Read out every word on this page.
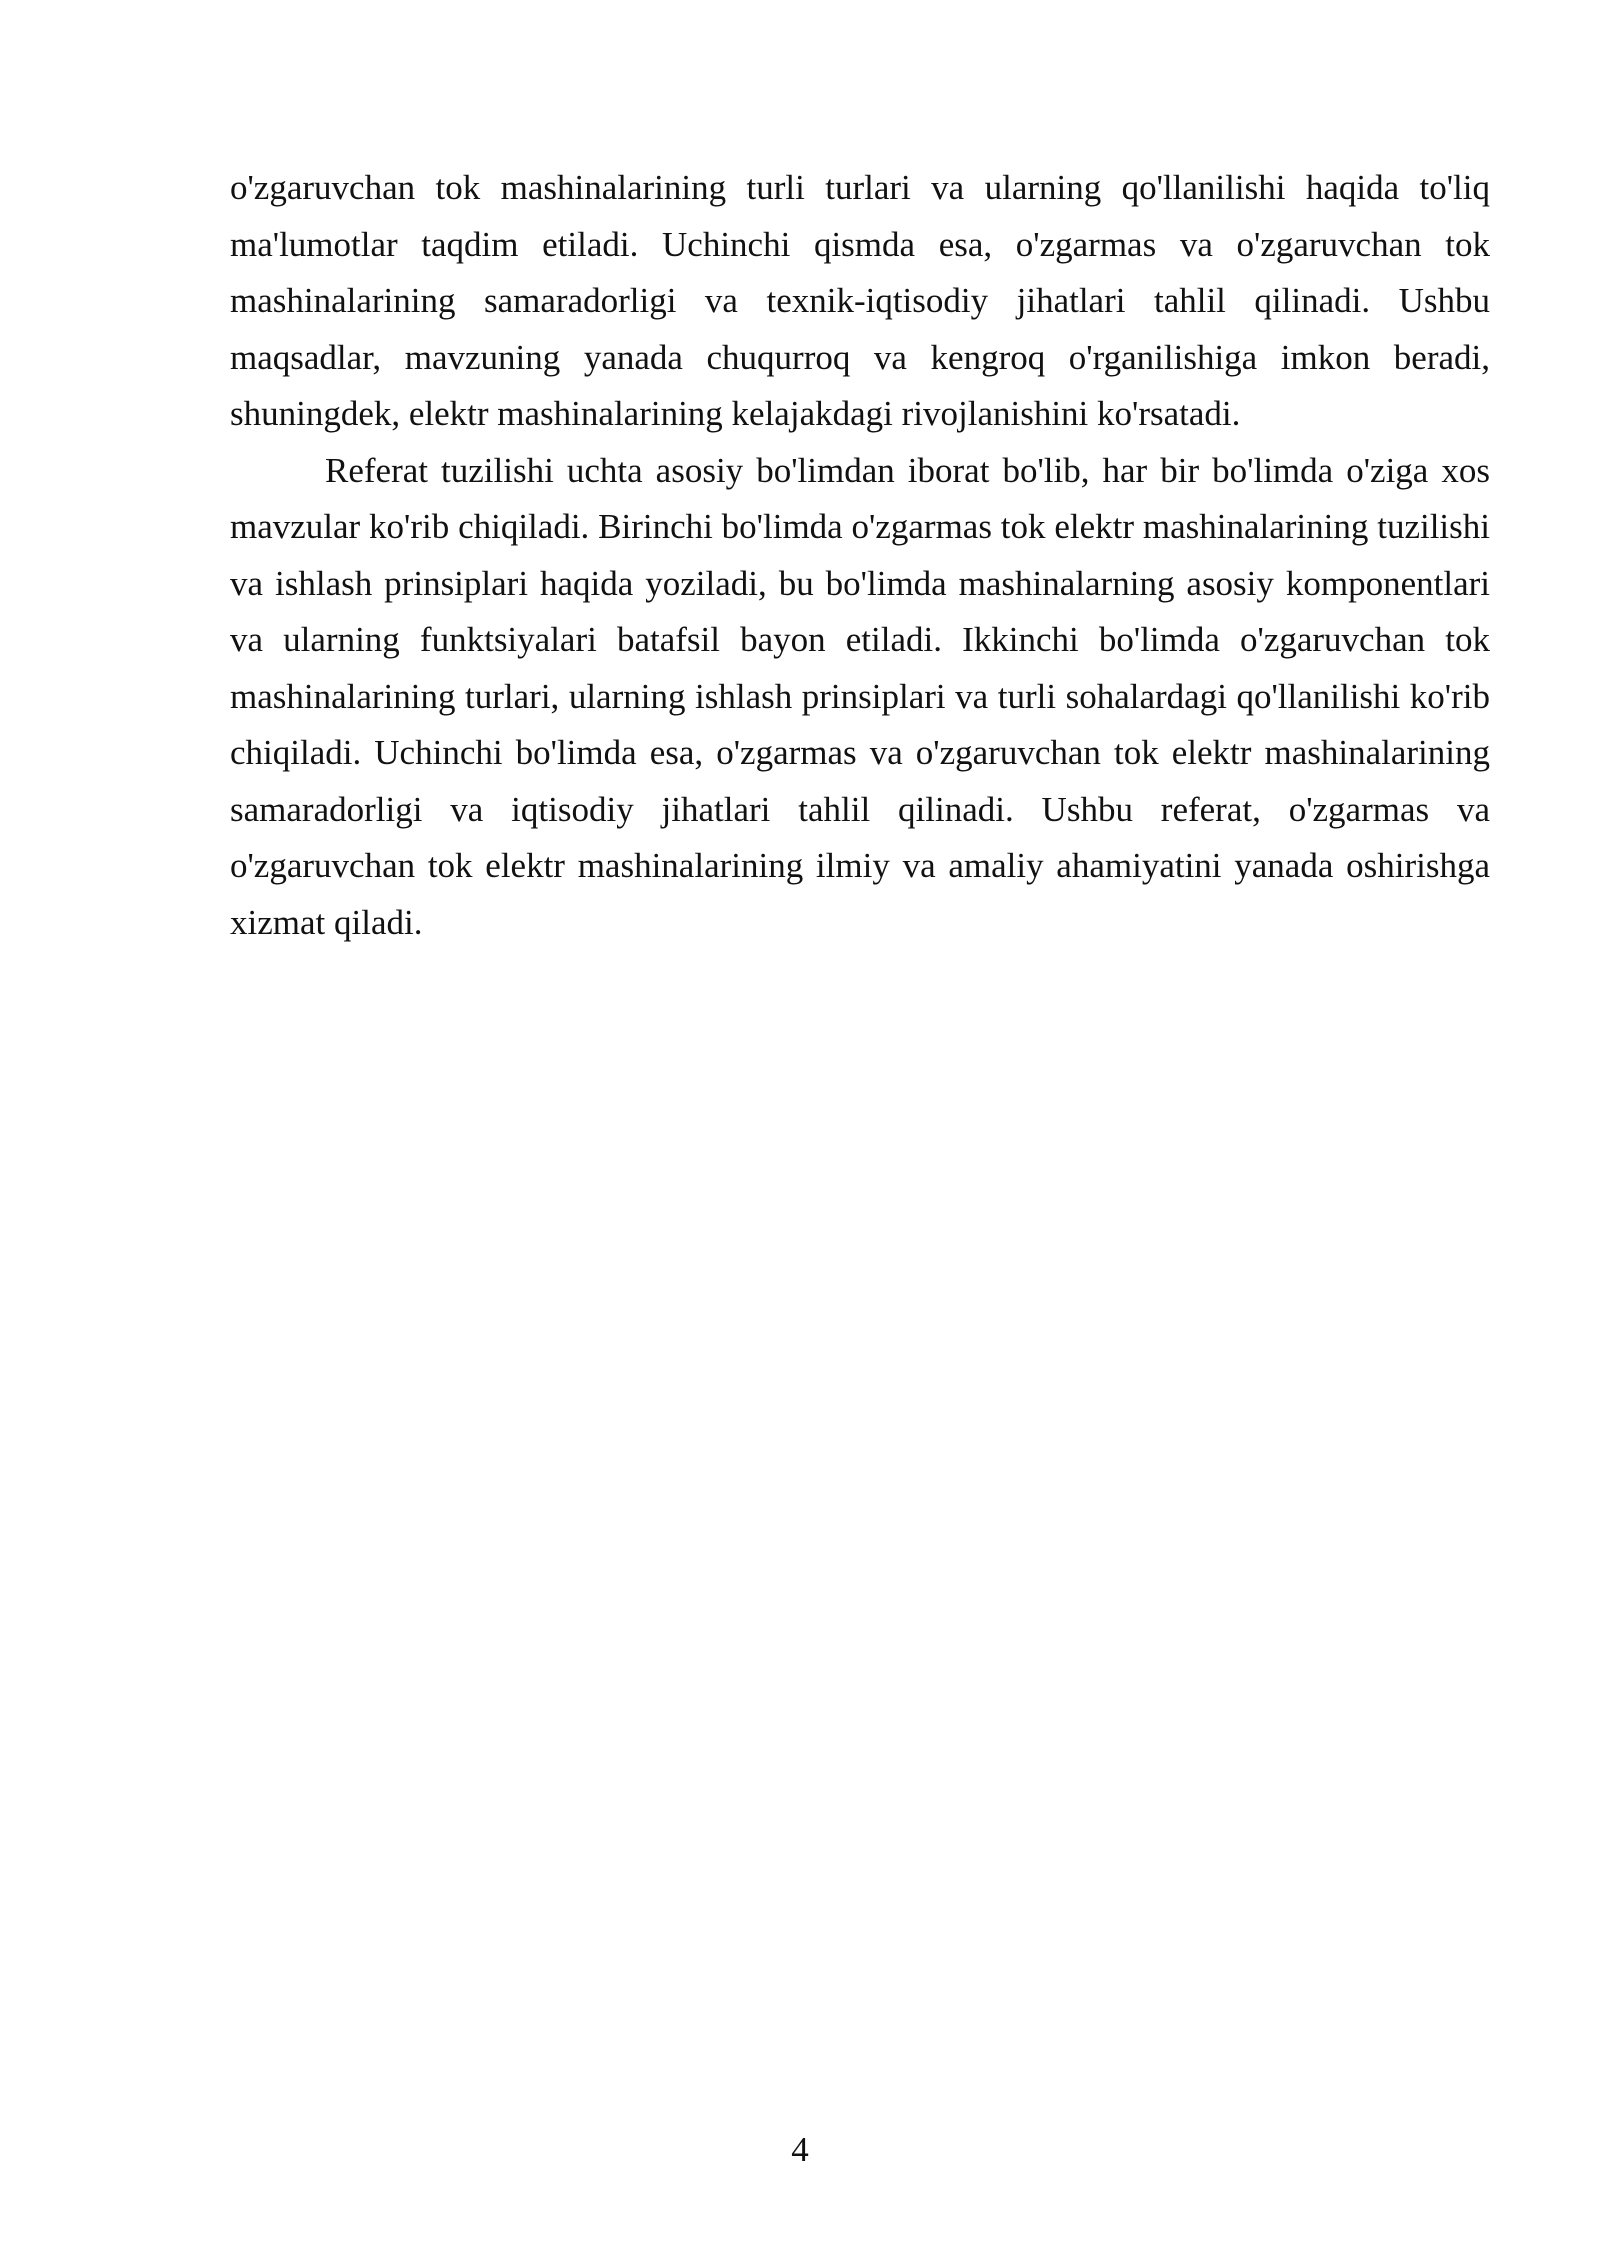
o'zgaruvchan tok mashinalarining turli turlari va ularning qo'llanilishi haqida to'liq ma'lumotlar taqdim etiladi. Uchinchi qismda esa, o'zgarmas va o'zgaruvchan tok mashinalarining samaradorligi va texnik-iqtisodiy jihatlari tahlil qilinadi. Ushbu maqsadlar, mavzuning yanada chuqurroq va kengroq o'rganilishiga imkon beradi, shuningdek, elektr mashinalarining kelajakdagi rivojlanishini ko'rsatadi.

Referat tuzilishi uchta asosiy bo'limdan iborat bo'lib, har bir bo'limda o'ziga xos mavzular ko'rib chiqiladi. Birinchi bo'limda o'zgarmas tok elektr mashinalarining tuzilishi va ishlash prinsiplari haqida yoziladi, bu bo'limda mashinalarning asosiy komponentlari va ularning funktsiyalari batafsil bayon etiladi. Ikkinchi bo'limda o'zgaruvchan tok mashinalarining turlari, ularning ishlash prinsiplari va turli sohalardagi qo'llanilishi ko'rib chiqiladi. Uchinchi bo'limda esa, o'zgarmas va o'zgaruvchan tok elektr mashinalarining samaradorligi va iqtisodiy jihatlari tahlil qilinadi. Ushbu referat, o'zgarmas va o'zgaruvchan tok elektr mashinalarining ilmiy va amaliy ahamiyatini yanada oshirishga xizmat qiladi.

4
